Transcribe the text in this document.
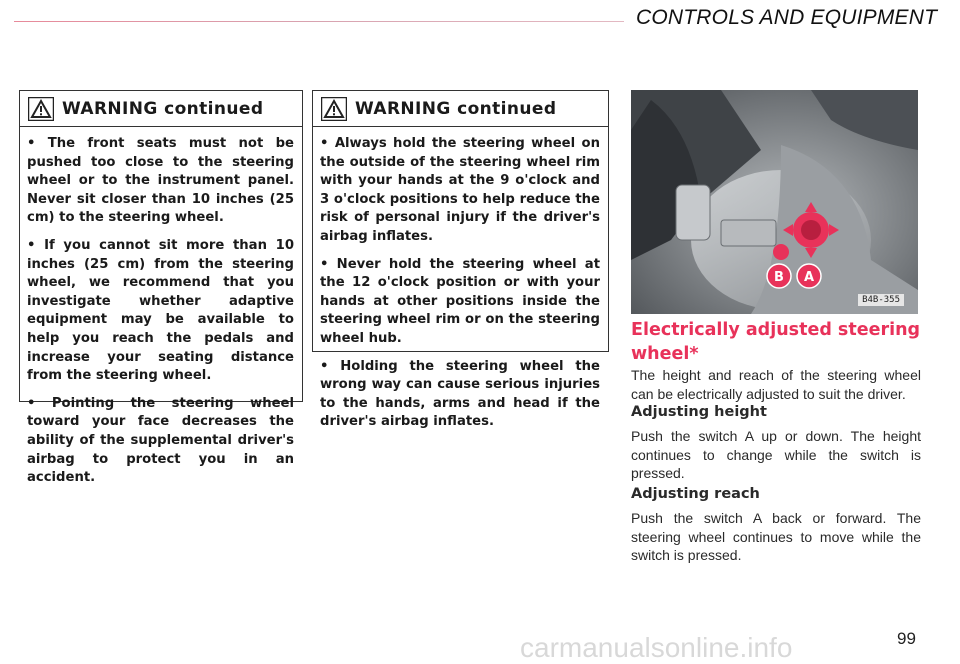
CONTROLS AND EQUIPMENT
WARNING continued

• The front seats must not be pushed too close to the steering wheel or to the instrument panel. Never sit closer than 10 inches (25 cm) to the steering wheel.

• If you cannot sit more than 10 inches (25 cm) from the steering wheel, we recommend that you investigate whether adaptive equipment may be available to help you reach the pedals and increase your seating distance from the steering wheel.

• Pointing the steering wheel toward your face decreases the ability of the supplemental driver's airbag to protect you in an accident.

WARNING continued

• Always hold the steering wheel on the outside of the steering wheel rim with your hands at the 9 o'clock and 3 o'clock positions to help reduce the risk of personal injury if the driver's airbag inflates.

• Never hold the steering wheel at the 12 o'clock position or with your hands at other positions inside the steering wheel rim or on the steering wheel hub.

• Holding the steering wheel the wrong way can cause serious injuries to the hands, arms and head if the driver's airbag inflates.

B A
B4B-355
Electrically adjusted steering wheel*

The height and reach of the steering wheel can be electrically adjusted to suit the driver.

Adjusting height

Push the switch A up or down. The height continues to change while the switch is pressed.

Adjusting reach

Push the switch A back or forward. The steering wheel continues to move while the switch is pressed.

carmanualsonline.info	99
